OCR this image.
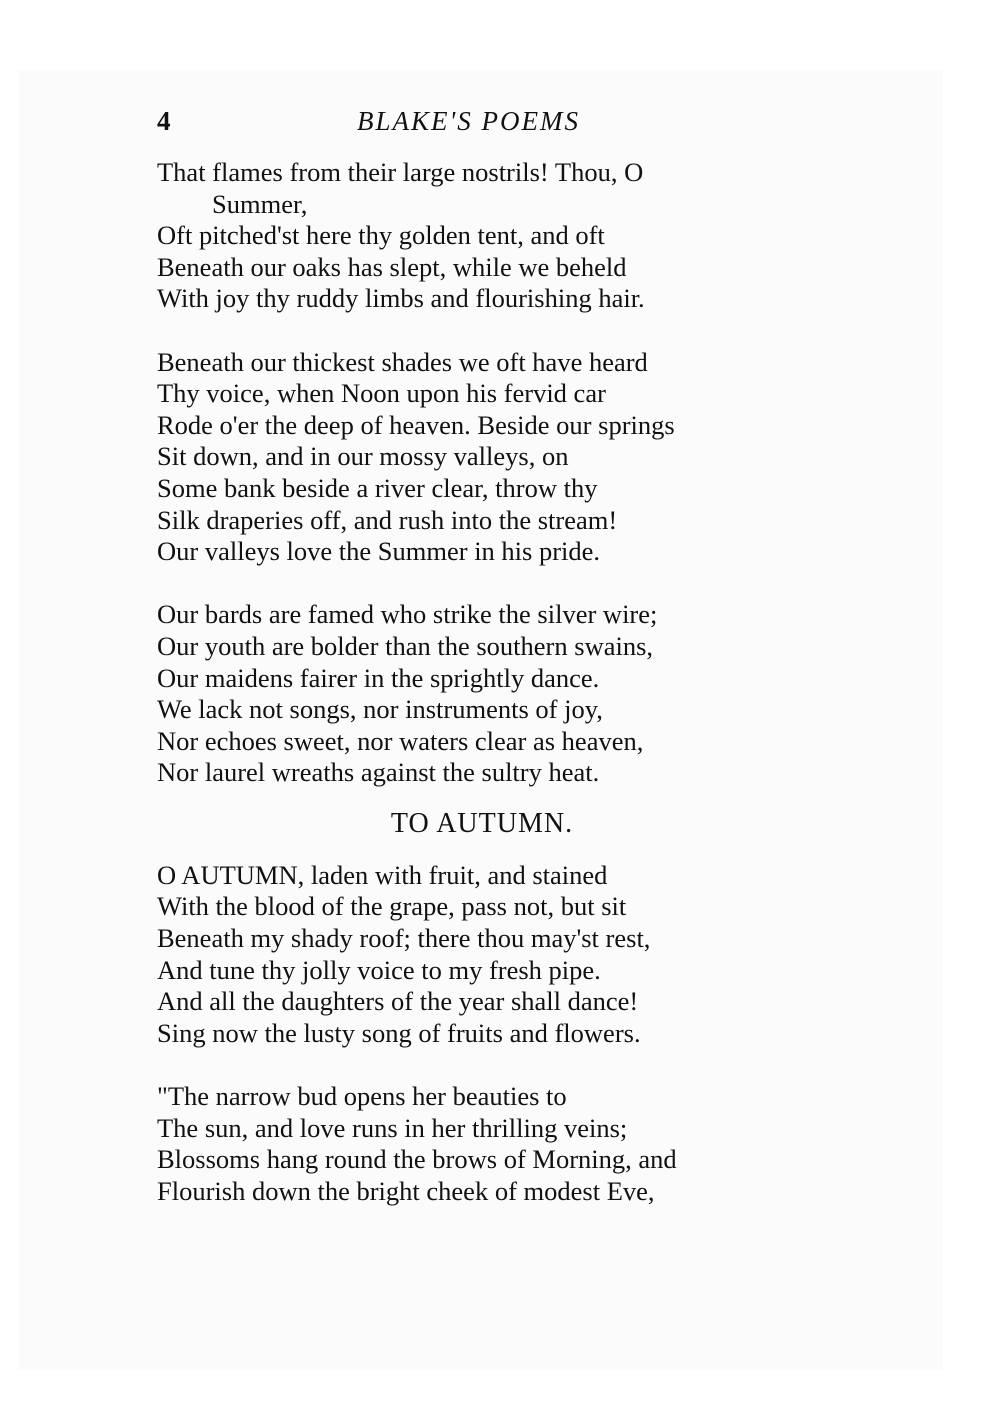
4	BLAKE'S POEMS
That flames from their large nostrils! Thou, O
Summer,
Oft pitched'st here thy golden tent, and oft
Beneath our oaks has slept, while we beheld
With joy thy ruddy limbs and flourishing hair.
Beneath our thickest shades we oft have heard
Thy voice, when Noon upon his fervid car
Rode o'er the deep of heaven. Beside our springs
Sit down, and in our mossy valleys, on
Some bank beside a river clear, throw thy
Silk draperies off, and rush into the stream!
Our valleys love the Summer in his pride.
Our bards are famed who strike the silver wire;
Our youth are bolder than the southern swains,
Our maidens fairer in the sprightly dance.
We lack not songs, nor instruments of joy,
Nor echoes sweet, nor waters clear as heaven,
Nor laurel wreaths against the sultry heat.
TO AUTUMN.
O AUTUMN, laden with fruit, and stained
With the blood of the grape, pass not, but sit
Beneath my shady roof; there thou may'st rest,
And tune thy jolly voice to my fresh pipe.
And all the daughters of the year shall dance!
Sing now the lusty song of fruits and flowers.
"The narrow bud opens her beauties to
The sun, and love runs in her thrilling veins;
Blossoms hang round the brows of Morning, and
Flourish down the bright cheek of modest Eve,
